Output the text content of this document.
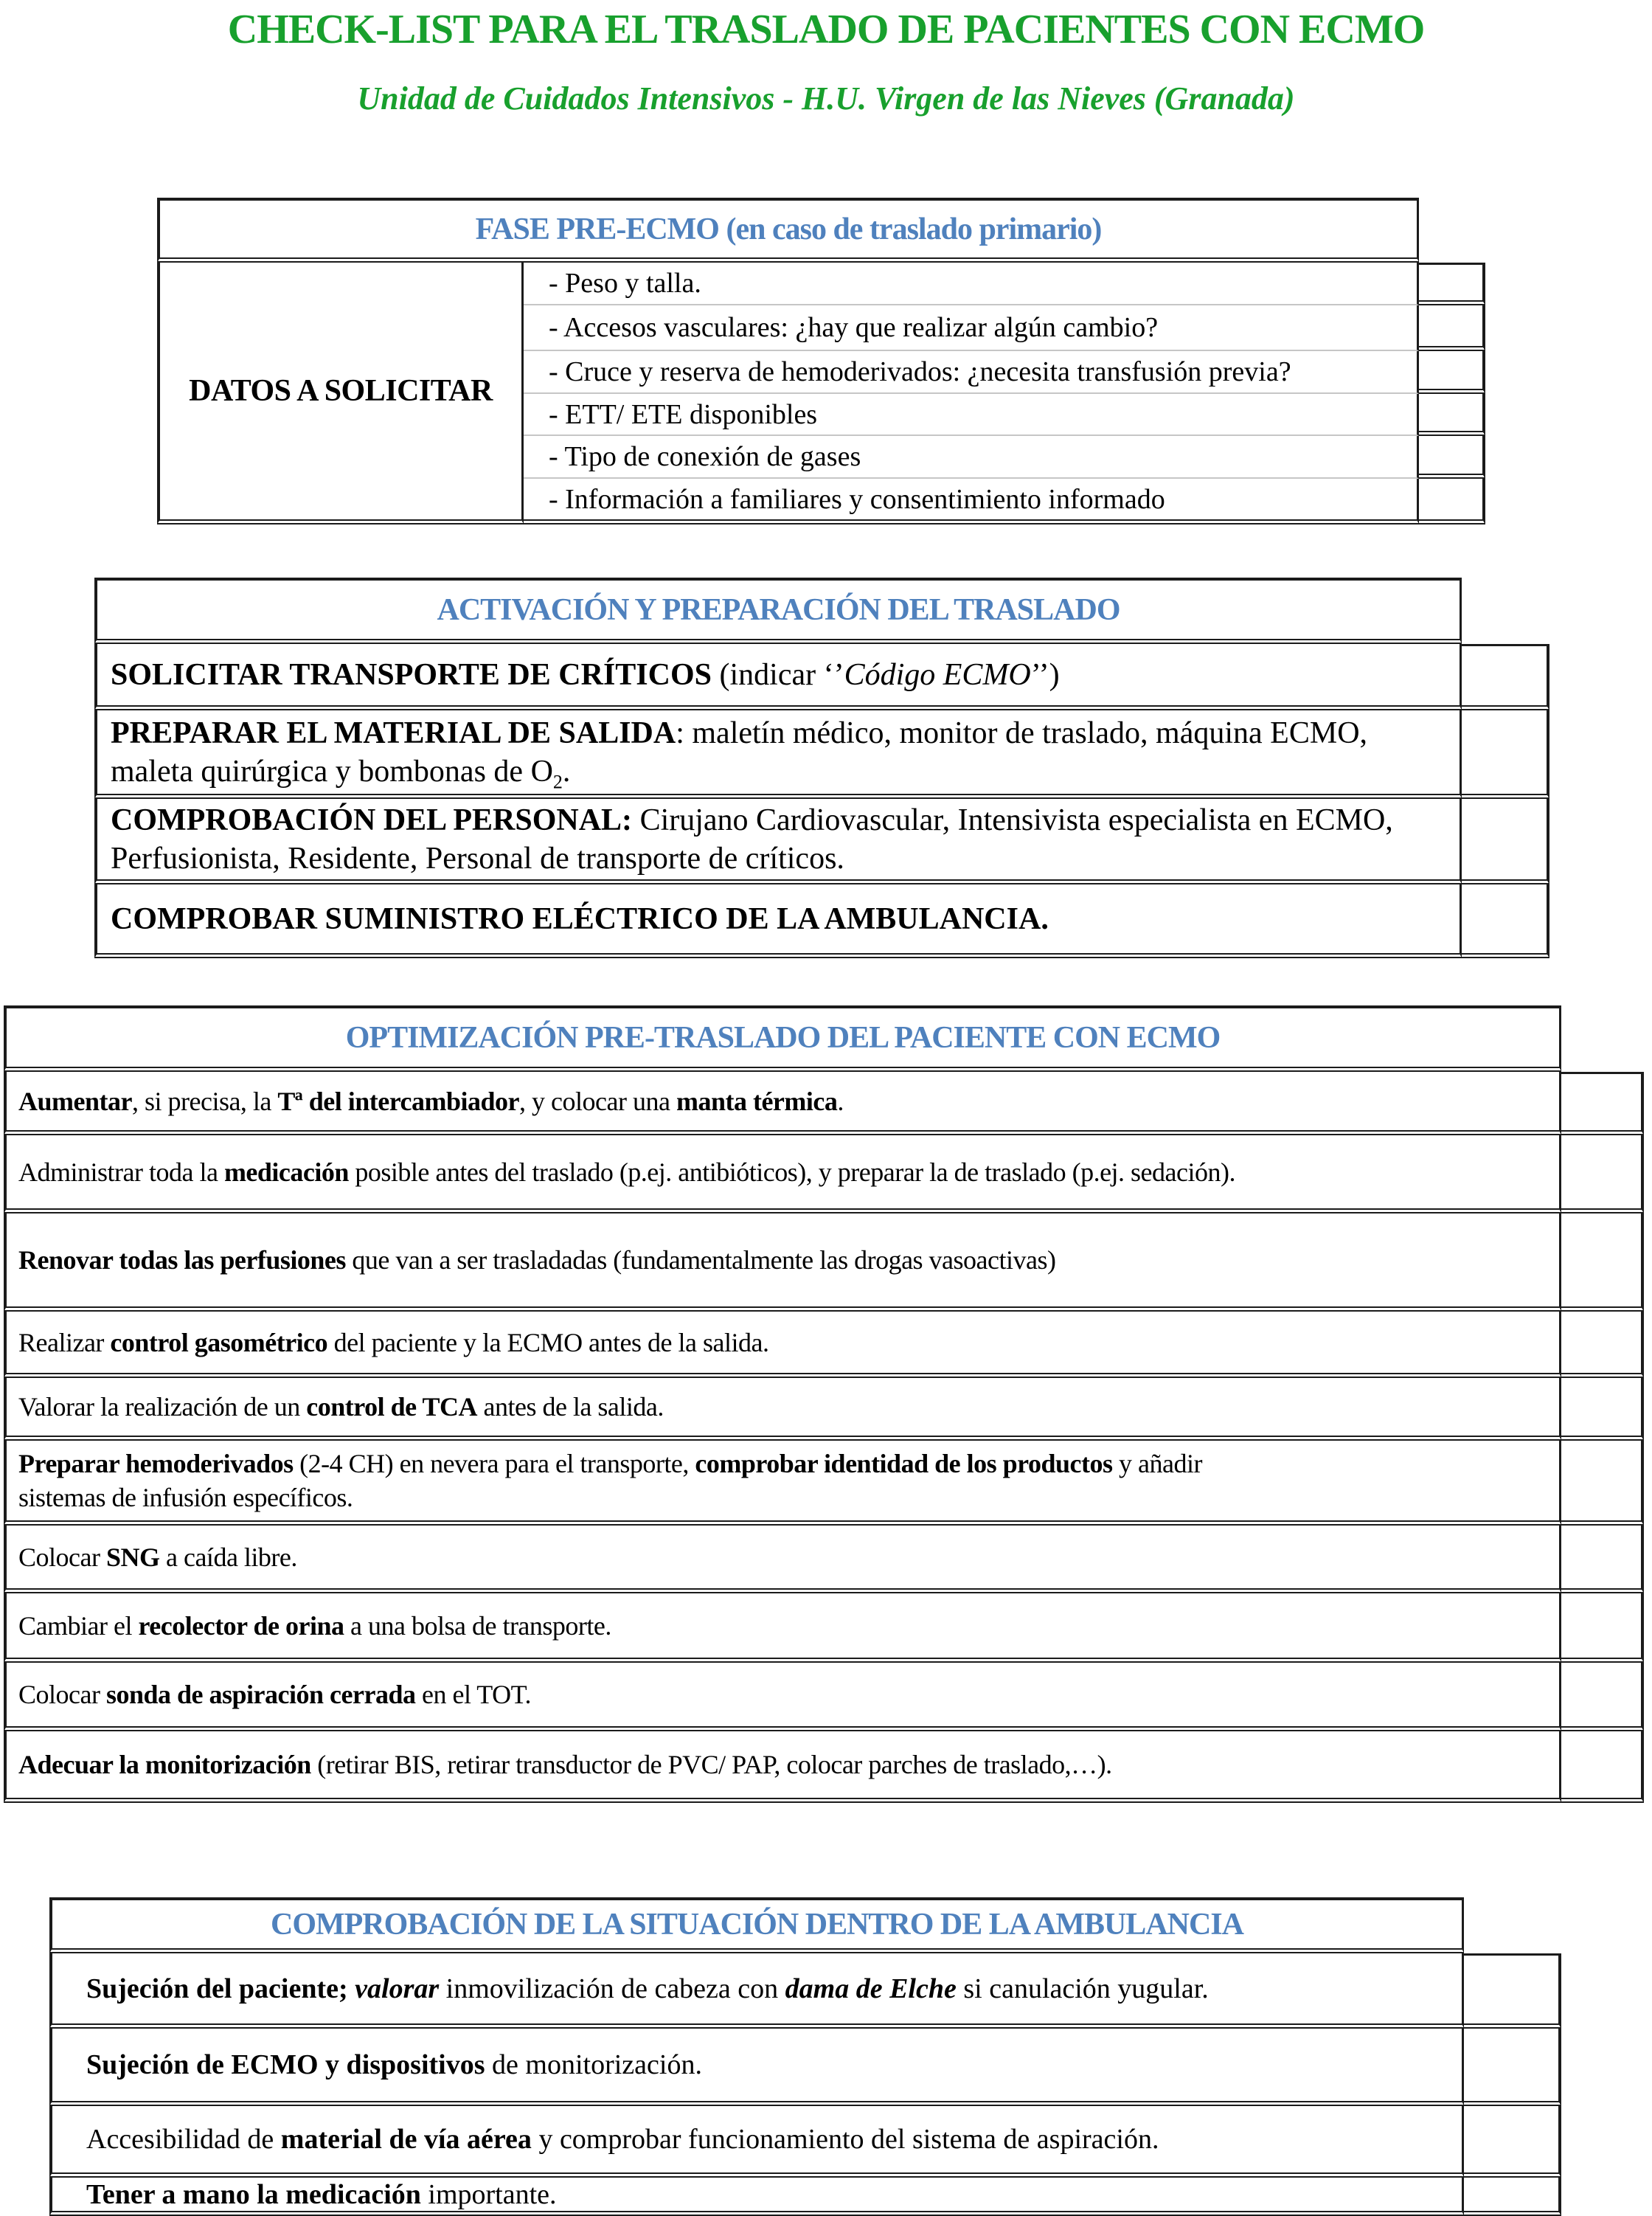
CHECK-LIST PARA EL TRASLADO DE PACIENTES CON ECMO
Unidad de Cuidados Intensivos - H.U. Virgen de las Nieves (Granada)
FASE PRE-ECMO (en caso de traslado primario)
DATOS A SOLICITAR
- Peso y talla.
- Accesos vasculares: ¿hay que realizar algún cambio?
- Cruce y reserva de hemoderivados: ¿necesita transfusión previa?
- ETT/ ETE disponibles
- Tipo de conexión de gases
- Información a familiares y consentimiento informado
ACTIVACIÓN Y PREPARACIÓN DEL TRASLADO
SOLICITAR TRANSPORTE DE CRÍTICOS (indicar ‘’Código ECMO’’)
PREPARAR EL MATERIAL DE SALIDA: maletín médico, monitor de traslado, máquina ECMO,
maleta quirúrgica y bombonas de $O_2$.
COMPROBACIÓN DEL PERSONAL: Cirujano Cardiovascular, Intensivista especialista en ECMO,
Perfusionista, Residente, Personal de transporte de críticos.
COMPROBAR SUMINISTRO ELÉCTRICO DE LA AMBULANCIA.
OPTIMIZACIÓN PRE-TRASLADO DEL PACIENTE CON ECMO
Aumentar, si precisa, la Tª del intercambiador, y colocar una manta térmica.
Administrar toda la medicación posible antes del traslado (p.ej. antibióticos), y preparar la de traslado (p.ej. sedación).
Renovar todas las perfusiones que van a ser trasladadas (fundamentalmente las drogas vasoactivas)
Realizar control gasométrico del paciente y la ECMO antes de la salida.
Valorar la realización de un control de TCA antes de la salida.
Preparar hemoderivados (2-4 CH) en nevera para el transporte, comprobar identidad de los productos y añadir
sistemas de infusión específicos.
Colocar SNG a caída libre.
Cambiar el recolector de orina a una bolsa de transporte.
Colocar sonda de aspiración cerrada en el TOT.
Adecuar la monitorización (retirar BIS, retirar transductor de PVC/ PAP, colocar parches de traslado,…).
COMPROBACIÓN DE LA SITUACIÓN DENTRO DE LA AMBULANCIA
Sujeción del paciente; valorar inmovilización de cabeza con dama de Elche si canulación yugular.
Sujeción de ECMO y dispositivos de monitorización.
Accesibilidad de material de vía aérea y comprobar funcionamiento del sistema de aspiración.
Tener a mano la medicación importante.
